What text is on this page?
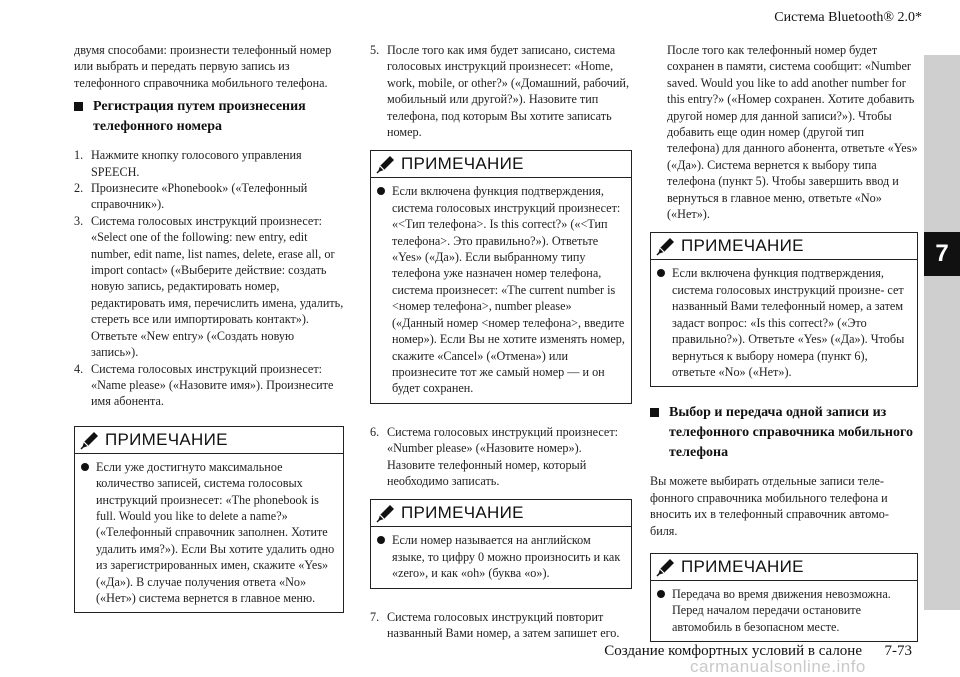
Система Bluetooth® 2.0*
7

двумя способами: произнести телефонный номер или выбрать и передать первую запись из телефонного справочника мобильного телефона.

Регистрация путем произнесения телефонного номера
1. Нажмите кнопку голосового управления SPEECH.
2. Произнесите «Phonebook» («Телефонный справочник»).
3. Система голосовых инструкций произнесет: «Select one of the following: new entry, edit number, edit name, list names, delete, erase all, or import contact» («Выберите действие: создать новую запись, редактировать номер, редактировать имя, перечислить имена, удалить, стереть все или импортировать контакт»). Ответьте «New entry» («Создать новую запись»).
4. Система голосовых инструкций произнесет: «Name please» («Назовите имя»). Произнесите имя абонента.
ПРИМЕЧАНИЕ
Если уже достигнуто максимальное количество записей, система голосовых инструкций произнесет: «The phonebook is full. Would you like to delete a name?» («Телефонный справочник заполнен. Хотите удалить имя?»). Если Вы хотите удалить одно из зарегистрированных имен, скажите «Yes» («Да»). В случае получения ответа «No» («Нет») система вернется в главное меню.
5. После того как имя будет записано, система голосовых инструкций произнесет: «Home, work, mobile, or other?» («Домашний, рабочий, мобильный или другой?»). Назовите тип телефона, под которым Вы хотите записать номер.
ПРИМЕЧАНИЕ
Если включена функция подтверждения, система голосовых инструкций произнесет: «<Тип телефона>. Is this correct?» («<Тип телефона>. Это правильно?»). Ответьте «Yes» («Да»). Если выбранному типу телефона уже назначен номер телефона, система произнесет: «The current number is <номер телефона>, number please» («Данный номер <номер телефона>, введите номер»). Если Вы не хотите изменять номер, скажите «Cancel» («Отмена») или произнесите тот же самый номер — и он будет сохранен.
6. Система голосовых инструкций произнесет: «Number please» («Назовите номер»). Назовите телефонный номер, который необходимо записать.
ПРИМЕЧАНИЕ
Если номер называется на английском языке, то цифру 0 можно произносить и как «zero», и как «oh» (буква «o»).
7. Система голосовых инструкций повторит названный Вами номер, а затем запишет его.

После того как телефонный номер будет сохранен в памяти, система сообщит: «Number saved. Would you like to add another number for this entry?» («Номер сохранен. Хотите добавить другой номер для данной записи?»). Чтобы добавить еще один номер (другой тип телефона) для данного абонента, ответьте «Yes» («Да»). Система вернется к выбору типа телефона (пункт 5). Чтобы завершить ввод и вернуться в главное меню, ответьте «No» («Нет»).

ПРИМЕЧАНИЕ
Если включена функция подтверждения, система голосовых инструкций произне- сет названный Вами телефонный номер, а затем задаст вопрос: «Is this correct?» («Это правильно?»). Ответьте «Yes» («Да»). Чтобы вернуться к выбору номера (пункт 6), ответьте «No» («Нет»).
Выбор и передача одной записи из телефонного справочника мобильного телефона

Вы можете выбирать отдельные записи теле- фонного справочника мобильного телефона и вносить их в телефонный справочник автомо- биля.

ПРИМЕЧАНИЕ
Передача во время движения невозможна. Перед началом передачи остановите автомобиль в безопасном месте.
Создание комфортных условий в салоне 7-73
carmanualsonline.info
